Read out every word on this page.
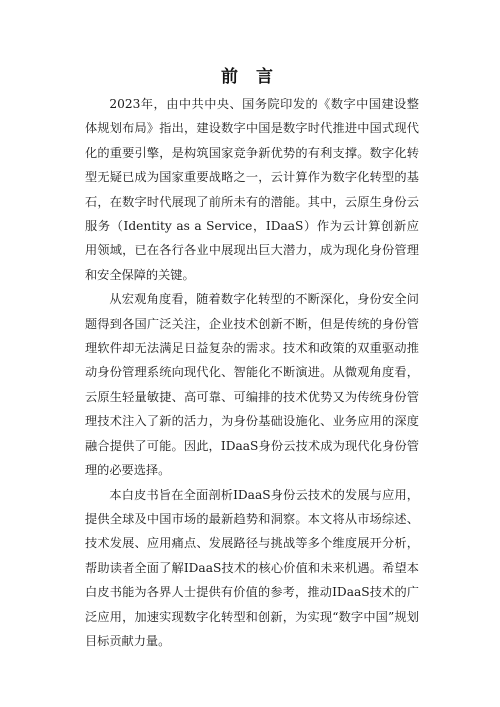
前 言

2023年，由中共中央、国务院印发的《数字中国建设整体规划布局》指出，建设数字中国是数字时代推进中国式现代化的重要引擎，是构筑国家竞争新优势的有利支撑。数字化转型无疑已成为国家重要战略之一，云计算作为数字化转型的基石，在数字时代展现了前所未有的潜能。其中，云原生身份云服务（Identity as a Service，IDaaS）作为云计算创新应用领域，已在各行各业中展现出巨大潜力，成为现化身份管理和安全保障的关键。

从宏观角度看，随着数字化转型的不断深化，身份安全问题得到各国广泛关注，企业技术创新不断，但是传统的身份管理软件却无法满足日益复杂的需求。技术和政策的双重驱动推动身份管理系统向现代化、智能化不断演进。从微观角度看，云原生轻量敏捷、高可靠、可编排的技术优势又为传统身份管理技术注入了新的活力，为身份基础设施化、业务应用的深度融合提供了可能。因此，IDaaS身份云技术成为现代化身份管理的必要选择。

本白皮书旨在全面剖析IDaaS身份云技术的发展与应用，提供全球及中国市场的最新趋势和洞察。本文将从市场综述、技术发展、应用痛点、发展路径与挑战等多个维度展开分析，帮助读者全面了解IDaaS技术的核心价值和未来机遇。希望本白皮书能为各界人士提供有价值的参考，推动IDaaS技术的广泛应用，加速实现数字化转型和创新，为实现“数字中国”规划目标贡献力量。
